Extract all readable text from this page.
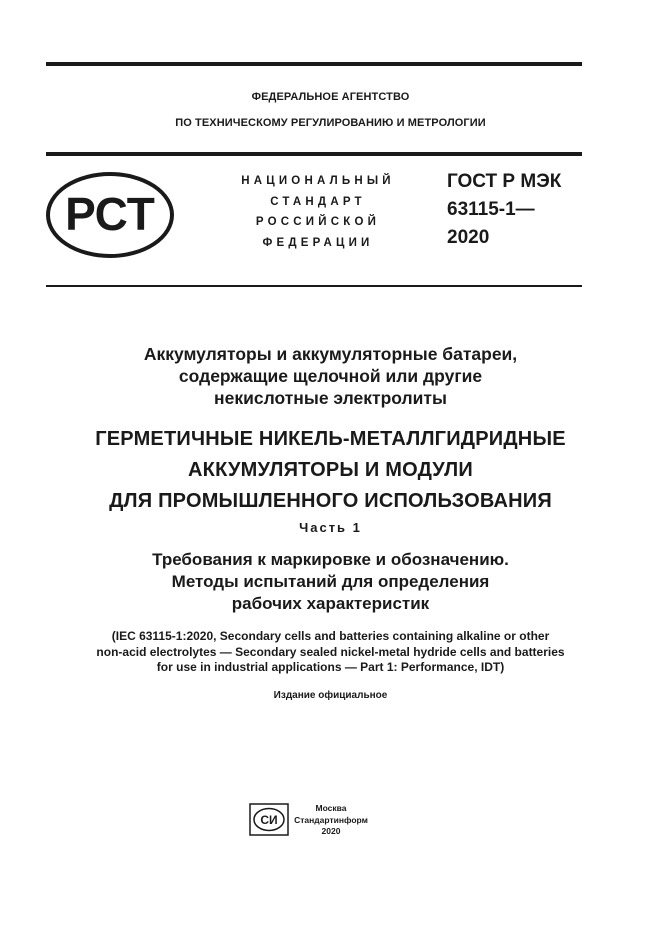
ФЕДЕРАЛЬНОЕ АГЕНТСТВО
ПО ТЕХНИЧЕСКОМУ РЕГУЛИРОВАНИЮ И МЕТРОЛОГИИ
РСТ
НАЦИОНАЛЬНЫЙ
СТАНДАРТ
РОССИЙСКОЙ
ФЕДЕРАЦИИ
ГОСТ Р МЭК
63115-1—
2020
Аккумуляторы и аккумуляторные батареи,
содержащие щелочной или другие
некислотные электролиты
ГЕРМЕТИЧНЫЕ НИКЕЛЬ-МЕТАЛЛГИДРИДНЫЕ
АККУМУЛЯТОРЫ И МОДУЛИ
ДЛЯ ПРОМЫШЛЕННОГО ИСПОЛЬЗОВАНИЯ
Часть 1
Требования к маркировке и обозначению.
Методы испытаний для определения
рабочих характеристик
(IEC 63115-1:2020, Secondary cells and batteries containing alkaline or other
non-acid electrolytes — Secondary sealed nickel-metal hydride cells and batteries
for use in industrial applications — Part 1: Performance, IDT)
Издание официальное
СИ
Москва
Стандартинформ
2020
